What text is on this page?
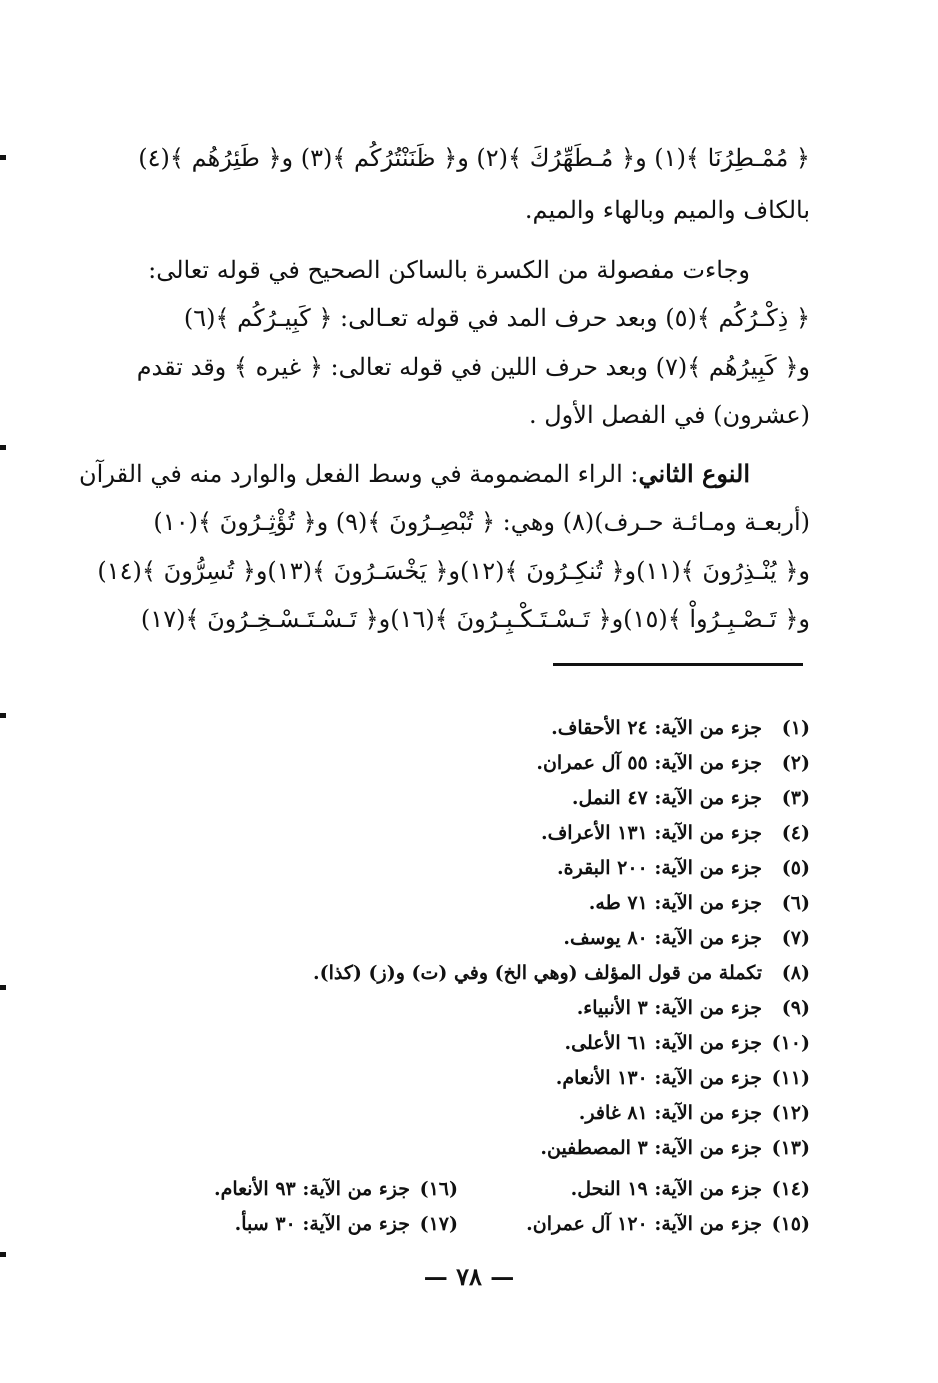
﴿ مُمْـطِرُنَا ﴾(١) و﴿ مُـطَهِّرُكَ ﴾(٢) و﴿ ظَنَنْتُرُكُم ﴾(٣) و﴿ طَئِرُهُم ﴾(٤)
بالكاف والميم وبالهاء والميم.
وجاءت مفصولة من الكسرة بالساكن الصحيح في قوله تعالى:
﴿ ذِكْـرُكُم ﴾(٥) وبعد حرف المد في قوله تعـالى: ﴿ كَبِيـرُكُم ﴾(٦)
و﴿ كَبِيرُهُم ﴾(٧) وبعد حرف اللين في قوله تعالى: ﴿ غيره ﴾ وقد تقدم
(عشرون) في الفصل الأول .
النوع الثاني: الراء المضمومة في وسط الفعل والوارد منه في القرآن
(أربعـة ومـائـة حـرف)(٨) وهي: ﴿ تُبْصِـرُونَ ﴾(٩) و﴿ تُؤْثِـرُونَ ﴾(١٠)
و﴿ يُنْـذِرُونَ ﴾(١١)و﴿ تُنكِـرُونَ ﴾(١٢)و﴿ يَخْسَـرُونَ ﴾(١٣)و﴿ تُسِرُّونَ ﴾(١٤)
و﴿ تَـصْـبِـرُواْ ﴾(١٥)و﴿ تَـسْـتَـكْـبِـرُونَ ﴾(١٦)و﴿ تَـسْـتَـسْـخِـرُونَ ﴾(١٧)
(١)جزء من الآية: ٢٤ الأحقاف.
(٢)جزء من الآية: ٥٥ آل عمران.
(٣)جزء من الآية: ٤٧ النمل.
(٤)جزء من الآية: ١٣١ الأعراف.
(٥)جزء من الآية: ٢٠٠ البقرة.
(٦)جزء من الآية: ٧١ طه.
(٧)جزء من الآية: ٨٠ يوسف.
(٨)تكملة من قول المؤلف (وهي الخ) وفي (ت) و(ز) (كذا).
(٩)جزء من الآية: ٣ الأنبياء.
(١٠)جزء من الآية: ٦١ الأعلى.
(١١)جزء من الآية: ١٣٠ الأنعام.
(١٢)جزء من الآية: ٨١ غافر.
(١٣)جزء من الآية: ٣ المصطفين.
(١٤)جزء من الآية: ١٩ النحل.
(١٥)جزء من الآية: ١٢٠ آل عمران.
(١٦)جزء من الآية: ٩٣ الأنعام.
(١٧)جزء من الآية: ٣٠ سبأ.
— ٧٨ —
